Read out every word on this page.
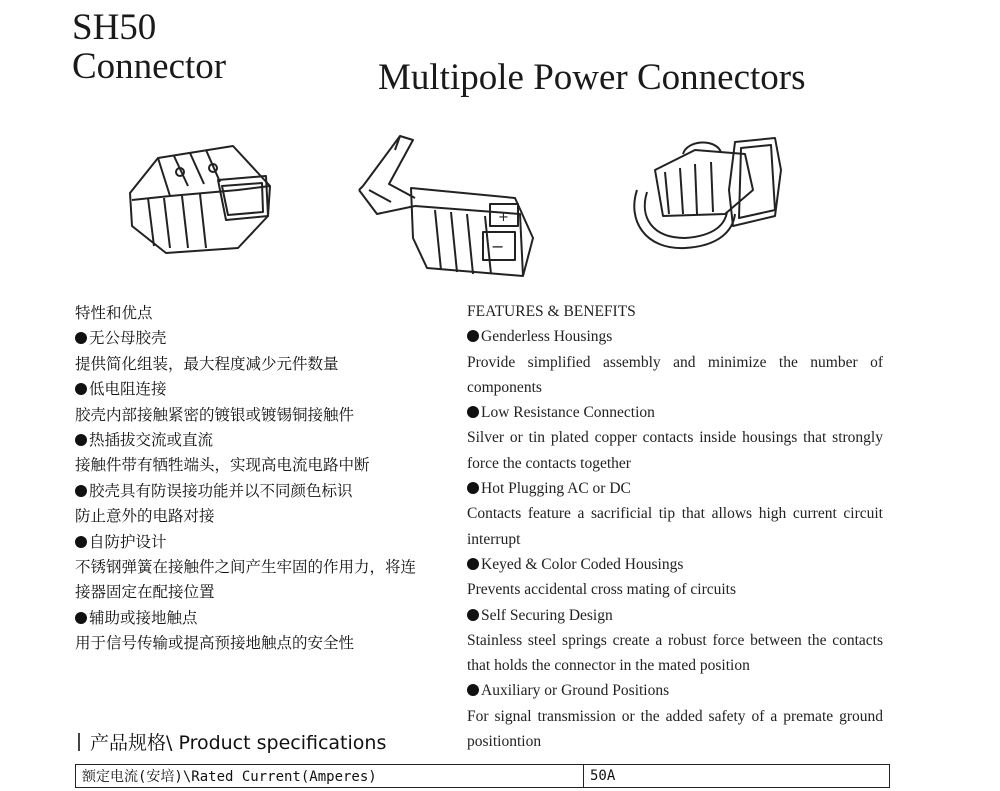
SH50
Connector	Multipole Power Connectors
+
−
特性和优点
无公母胶壳
提供简化组装，最大程度减少元件数量
低电阻连接
胶壳内部接触紧密的镀银或镀锡铜接触件
热插拔交流或直流
接触件带有牺牲端头，实现高电流电路中断
胶壳具有防误接功能并以不同颜色标识
防止意外的电路对接
自防护设计
不锈钢弹簧在接触件之间产生牢固的作用力，将连
接器固定在配接位置
辅助或接地触点
用于信号传输或提高预接地触点的安全性
FEATURES & BENEFITS
Genderless Housings
Provide simplified assembly and minimize the number of components
Low Resistance Connection
Silver or tin plated copper contacts inside housings that strongly force the contacts together
Hot Plugging AC or DC
Contacts feature a sacrificial tip that allows high current circuit interrupt
Keyed & Color Coded Housings
Prevents accidental cross mating of circuits
Self Securing Design
Stainless steel springs create a robust force between the contacts that holds the connector in the mated position
Auxiliary or Ground Positions
For signal transmission or the added safety of a premate ground positiontion
产品规格\ Product specifications
额定电流(安培)\Rated Current(Amperes)	50A
